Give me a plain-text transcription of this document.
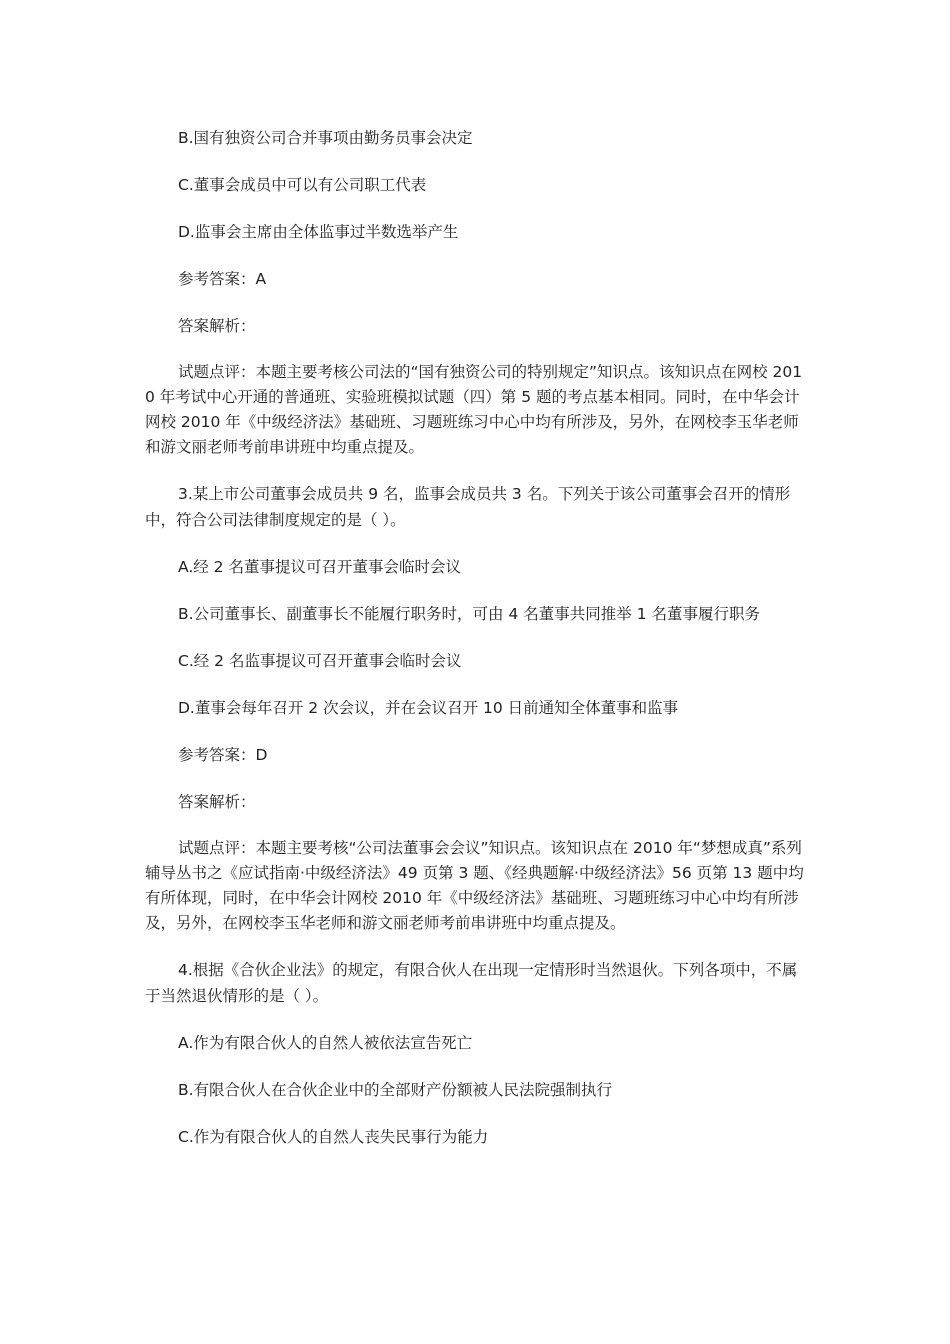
B.国有独资公司合并事项由勤务员事会决定

C.董事会成员中可以有公司职工代表

D.监事会主席由全体监事过半数选举产生

参考答案：A

答案解析：

试题点评：本题主要考核公司法的“国有独资公司的特别规定”知识点。该知识点在网校 2010 年考试中心开通的普通班、实验班模拟试题（四）第 5 题的考点基本相同。同时，在中华会计网校 2010 年《中级经济法》基础班、习题班练习中心中均有所涉及，另外，在网校李玉华老师和游文丽老师考前串讲班中均重点提及。

3.某上市公司董事会成员共 9 名，监事会成员共 3 名。下列关于该公司董事会召开的情形中，符合公司法律制度规定的是（ ）。

A.经 2 名董事提议可召开董事会临时会议

B.公司董事长、副董事长不能履行职务时，可由 4 名董事共同推举 1 名董事履行职务

C.经 2 名监事提议可召开董事会临时会议

D.董事会每年召开 2 次会议，并在会议召开 10 日前通知全体董事和监事

参考答案：D

答案解析：

试题点评：本题主要考核“公司法董事会会议”知识点。该知识点在 2010 年“梦想成真”系列辅导丛书之《应试指南·中级经济法》49 页第 3 题、《经典题解·中级经济法》56 页第 13 题中均有所体现，同时，在中华会计网校 2010 年《中级经济法》基础班、习题班练习中心中均有所涉及，另外，在网校李玉华老师和游文丽老师考前串讲班中均重点提及。

4.根据《合伙企业法》的规定，有限合伙人在出现一定情形时当然退伙。下列各项中，不属于当然退伙情形的是（ ）。

A.作为有限合伙人的自然人被依法宣告死亡

B.有限合伙人在合伙企业中的全部财产份额被人民法院强制执行

C.作为有限合伙人的自然人丧失民事行为能力
